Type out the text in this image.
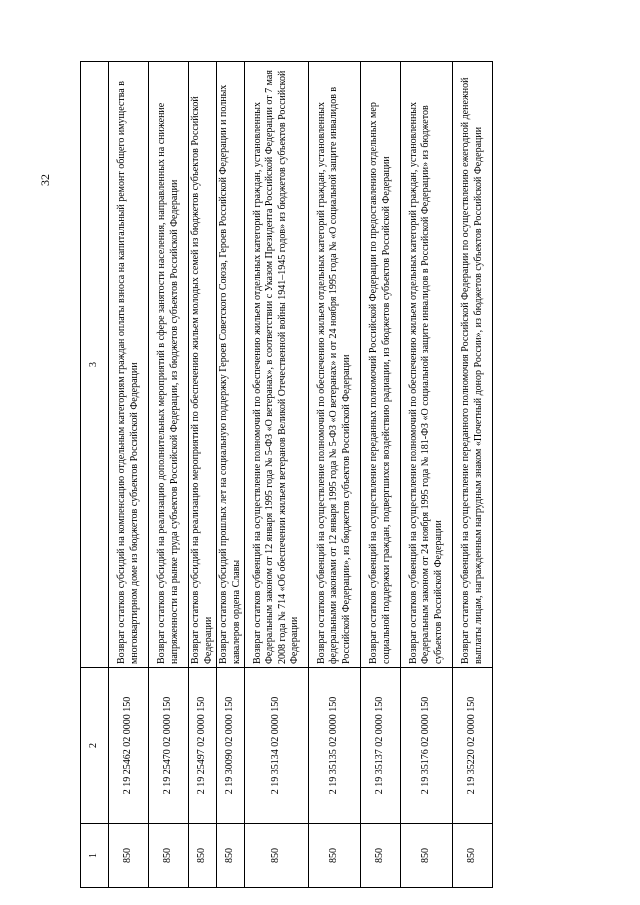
32
1	2	3
850	2 19 25462 02 0000 150	Возврат остатков субсидий на компенсацию отдельным категориям граждан оплаты взноса на капитальный ремонт общего имущества в многоквартирном доме из бюджетов субъектов Российской Федерации
850	2 19 25470 02 0000 150	Возврат остатков субсидий на реализацию дополнительных мероприятий в сфере занятости населения, направленных на снижение напряженности на рынке труда субъектов Российской Федерации, из бюджетов субъектов Российской Федерации
850	2 19 25497 02 0000 150	Возврат остатков субсидий на реализацию мероприятий по обеспечению жильем молодых семей из бюджетов субъектов Российской Федерации
850	2 19 30090 02 0000 150	Возврат остатков субсидий прошлых лет на социальную поддержку Героев Советского Союза, Героев Российской Федерации и полных кавалеров ордена Славы
850	2 19 35134 02 0000 150	Возврат остатков субвенций на осуществление полномочий по обеспечению жильем отдельных категорий граждан, установленных Федеральным законом от 12 января 1995 года № 5-ФЗ «О ветеранах», в соответствии с Указом Президента Российской Федерации от 7 мая 2008 года № 714 «Об обеспечении жильем ветеранов Великой Отечественной войны 1941–1945 годов» из бюджетов субъектов Российской Федерации
850	2 19 35135 02 0000 150	Возврат остатков субвенций на осуществление полномочий по обеспечению жильем отдельных категорий граждан, установленных федеральными законами от 12 января 1995 года № 5-ФЗ «О ветеранах» и от 24 ноября 1995 года № «О социальной защите инвалидов в Российской Федерации», из бюджетов субъектов Российской Федерации
850	2 19 35137 02 0000 150	Возврат остатков субвенций на осуществление переданных полномочий Российской Федерации по предоставлению отдельных мер социальной поддержки граждан, подвергшихся воздействию радиации, из бюджетов субъектов Российской Федерации
850	2 19 35176 02 0000 150	Возврат остатков субвенций на осуществление полномочий по обеспечению жильем отдельных категорий граждан, установленных Федеральным законом от 24 ноября 1995 года № 181-ФЗ «О социальной защите инвалидов в Российской Федерации» из бюджетов субъектов Российской Федерации
850	2 19 35220 02 0000 150	Возврат остатков субвенций на осуществление переданного полномочия Российской Федерации по осуществлению ежегодной денежной выплаты лицам, награжденным нагрудным знаком «Почетный донор России», из бюджетов субъектов Российской Федерации
